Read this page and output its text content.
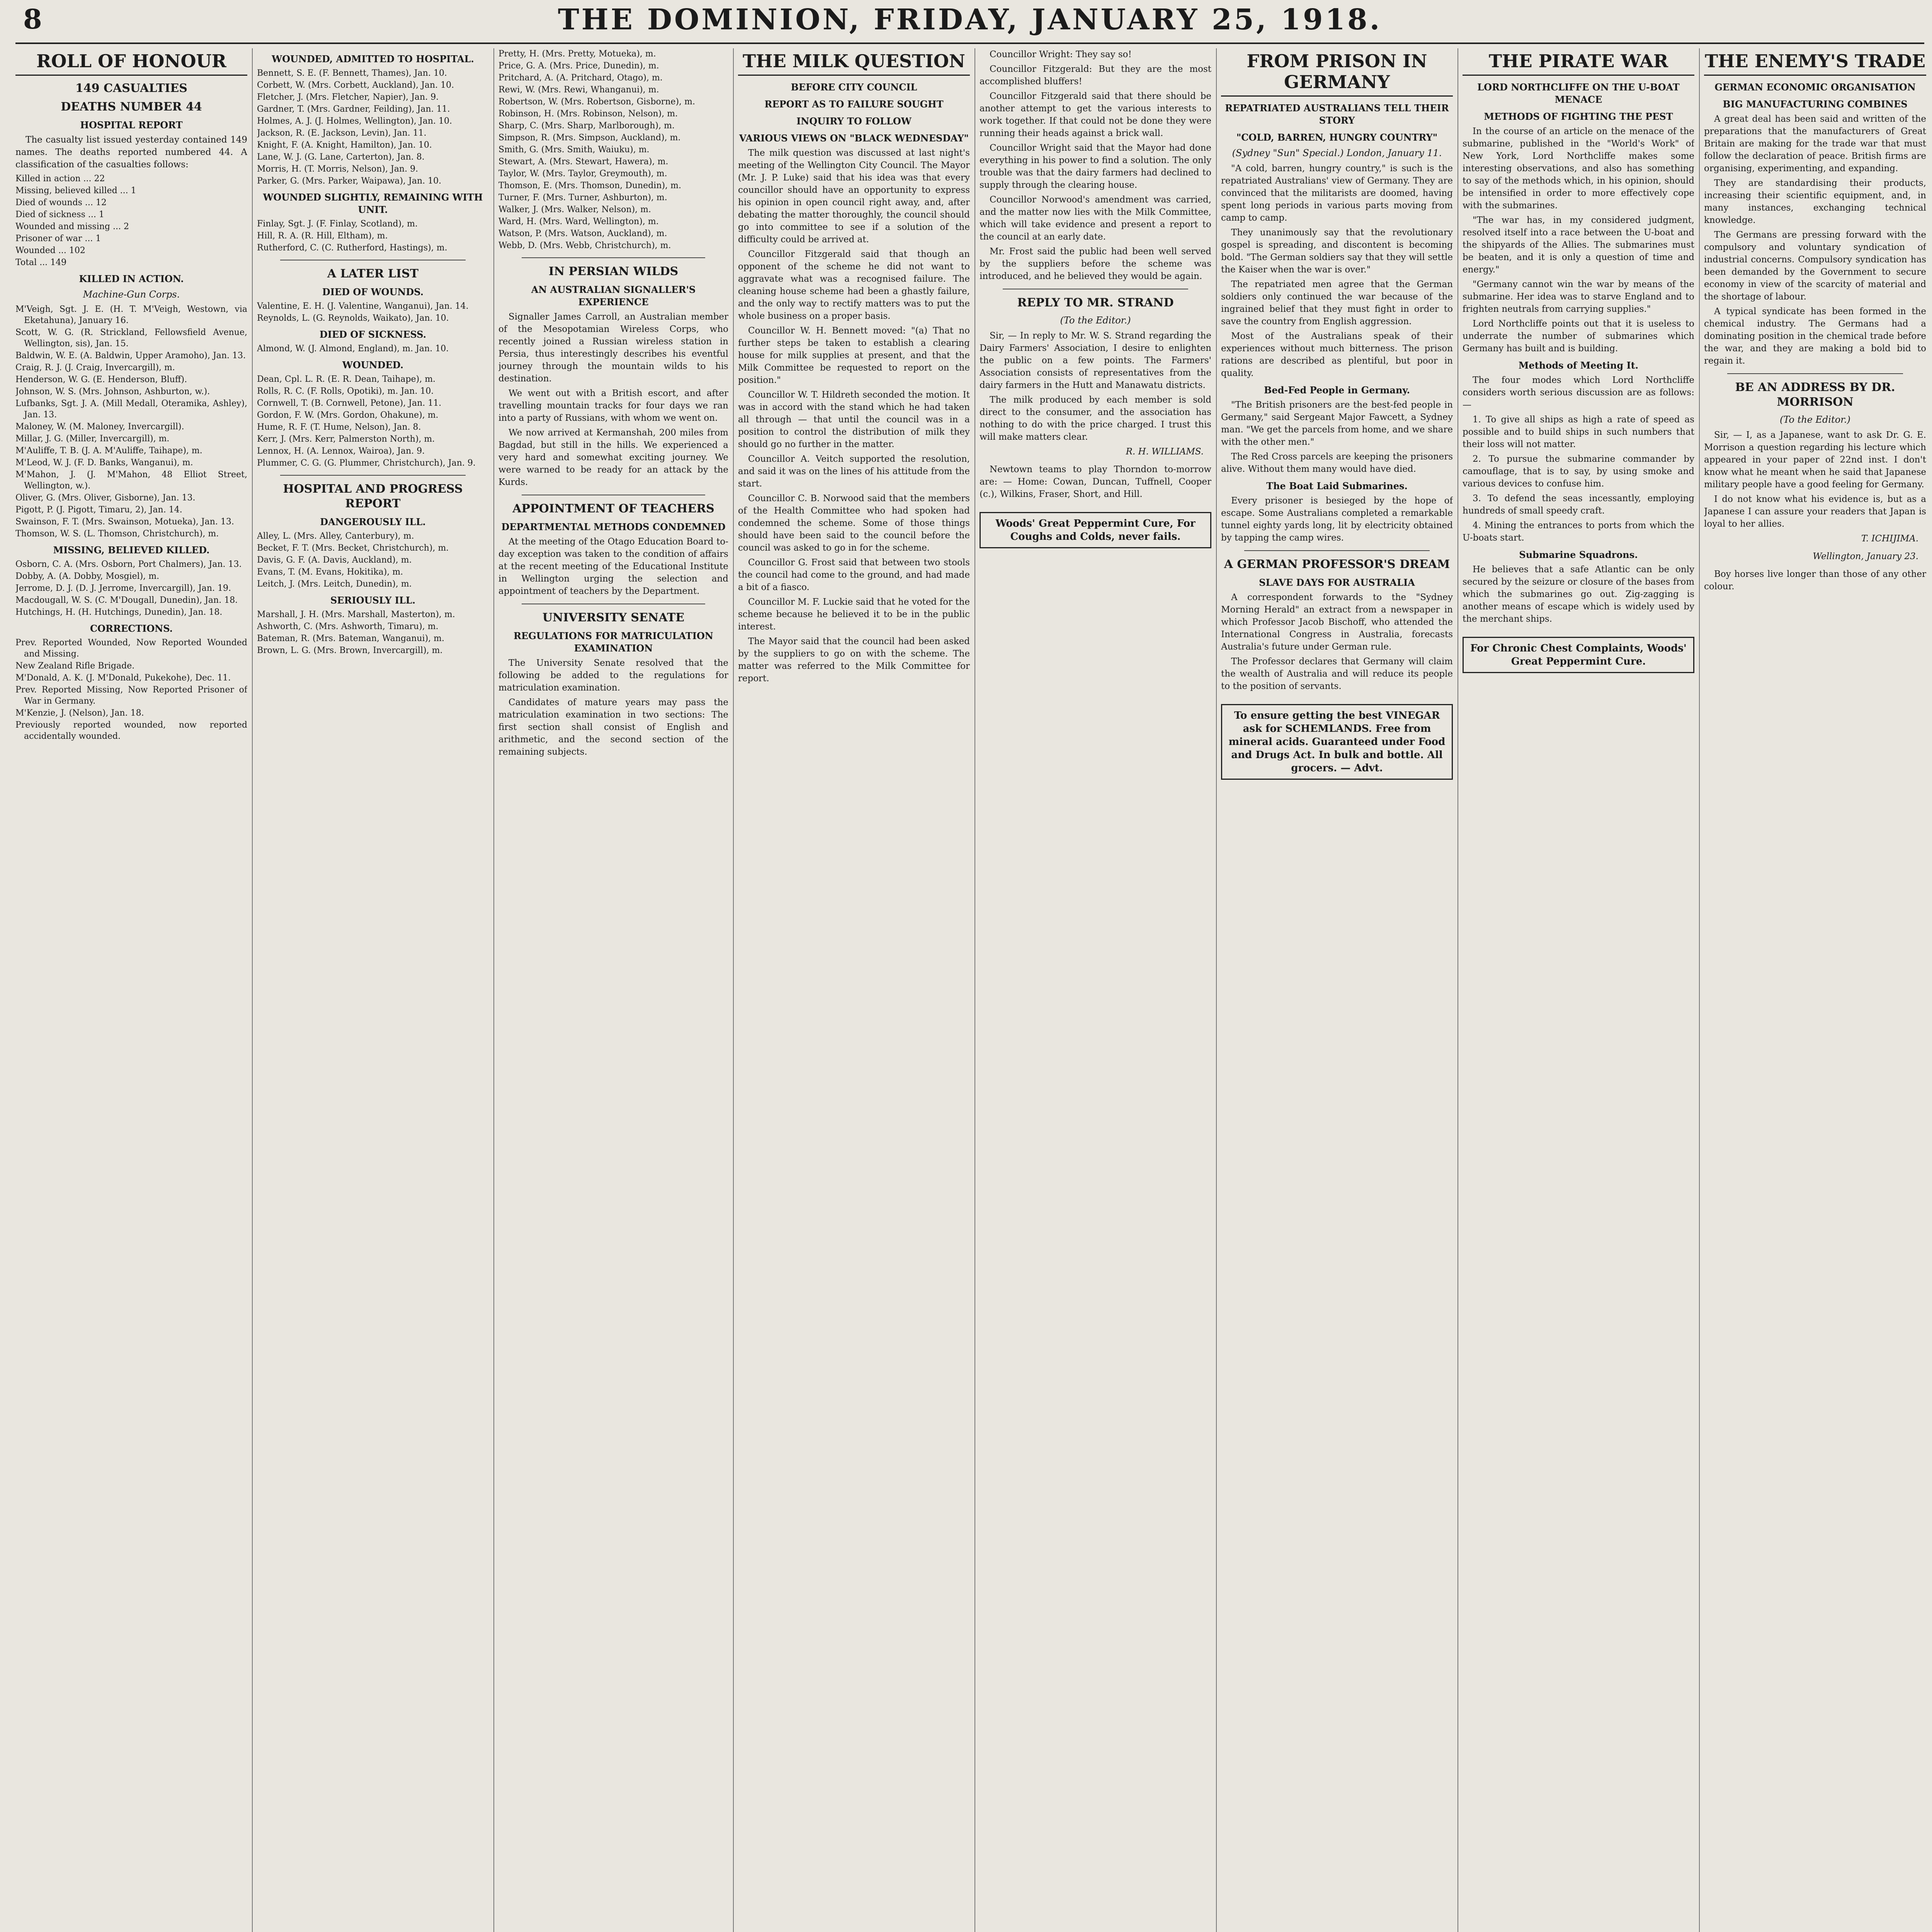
8	THE DOMINION, FRIDAY, JANUARY 25, 1918.
ROLL OF HONOUR
149 CASUALTIES
DEATHS NUMBER 44
HOSPITAL REPORT

The casualty list issued yesterday contained 149 names. The deaths reported numbered 44. A classification of the casualties follows:

Killed in action ... 22

Missing, believed killed ... 1

Died of wounds ... 12

Died of sickness ... 1

Wounded and missing ... 2

Prisoner of war ... 1

Wounded ... 102

Total ... 149

KILLED IN ACTION.
Machine-Gun Corps.

M'Veigh, Sgt. J. E. (H. T. M'Veigh, Westown, via Eketahuna), January 16.

Scott, W. G. (R. Strickland, Fellowsfield Avenue, Wellington, sis), Jan. 15.

Baldwin, W. E. (A. Baldwin, Upper Aramoho), Jan. 13.

Craig, R. J. (J. Craig, Invercargill), m.

Henderson, W. G. (E. Henderson, Bluff).

Johnson, W. S. (Mrs. Johnson, Ashburton, w.).

Lufbanks, Sgt. J. A. (Mill Medall, Oteramika, Ashley), Jan. 13.

Maloney, W. (M. Maloney, Invercargill).

Millar, J. G. (Miller, Invercargill), m.

M'Auliffe, T. B. (J. A. M'Auliffe, Taihape), m.

M'Leod, W. J. (F. D. Banks, Wanganui), m.

M'Mahon, J. (J. M'Mahon, 48 Elliot Street, Wellington, w.).

Oliver, G. (Mrs. Oliver, Gisborne), Jan. 13.

Pigott, P. (J. Pigott, Timaru, 2), Jan. 14.

Swainson, F. T. (Mrs. Swainson, Motueka), Jan. 13.

Thomson, W. S. (L. Thomson, Christchurch), m.

MISSING, BELIEVED KILLED.

Osborn, C. A. (Mrs. Osborn, Port Chalmers), Jan. 13.

Dobby, A. (A. Dobby, Mosgiel), m.

Jerrome, D. J. (D. J. Jerrome, Invercargill), Jan. 19.

Macdougall, W. S. (C. M'Dougall, Dunedin), Jan. 18.

Hutchings, H. (H. Hutchings, Dunedin), Jan. 18.

CORRECTIONS.

Prev. Reported Wounded, Now Reported Wounded and Missing.

New Zealand Rifle Brigade.

M'Donald, A. K. (J. M'Donald, Pukekohe), Dec. 11.

Prev. Reported Missing, Now Reported Prisoner of War in Germany.

M'Kenzie, J. (Nelson), Jan. 18.

Previously reported wounded, now reported accidentally wounded.

WOUNDED, ADMITTED TO HOSPITAL.

Bennett, S. E. (F. Bennett, Thames), Jan. 10.

Corbett, W. (Mrs. Corbett, Auckland), Jan. 10.

Fletcher, J. (Mrs. Fletcher, Napier), Jan. 9.

Gardner, T. (Mrs. Gardner, Feilding), Jan. 11.

Holmes, A. J. (J. Holmes, Wellington), Jan. 10.

Jackson, R. (E. Jackson, Levin), Jan. 11.

Knight, F. (A. Knight, Hamilton), Jan. 10.

Lane, W. J. (G. Lane, Carterton), Jan. 8.

Morris, H. (T. Morris, Nelson), Jan. 9.

Parker, G. (Mrs. Parker, Waipawa), Jan. 10.

WOUNDED SLIGHTLY, REMAINING WITH UNIT.

Finlay, Sgt. J. (F. Finlay, Scotland), m.

Hill, R. A. (R. Hill, Eltham), m.

Rutherford, C. (C. Rutherford, Hastings), m.

A LATER LIST
DIED OF WOUNDS.

Valentine, E. H. (J. Valentine, Wanganui), Jan. 14.

Reynolds, L. (G. Reynolds, Waikato), Jan. 10.

DIED OF SICKNESS.

Almond, W. (J. Almond, England), m. Jan. 10.

WOUNDED.

Dean, Cpl. L. R. (E. R. Dean, Taihape), m.

Rolls, R. C. (F. Rolls, Opotiki), m. Jan. 10.

Cornwell, T. (B. Cornwell, Petone), Jan. 11.

Gordon, F. W. (Mrs. Gordon, Ohakune), m.

Hume, R. F. (T. Hume, Nelson), Jan. 8.

Kerr, J. (Mrs. Kerr, Palmerston North), m.

Lennox, H. (A. Lennox, Wairoa), Jan. 9.

Plummer, C. G. (G. Plummer, Christchurch), Jan. 9.

HOSPITAL AND PROGRESS REPORT
DANGEROUSLY ILL.

Alley, L. (Mrs. Alley, Canterbury), m.

Becket, F. T. (Mrs. Becket, Christchurch), m.

Davis, G. F. (A. Davis, Auckland), m.

Evans, T. (M. Evans, Hokitika), m.

Leitch, J. (Mrs. Leitch, Dunedin), m.

SERIOUSLY ILL.

Marshall, J. H. (Mrs. Marshall, Masterton), m.

Ashworth, C. (Mrs. Ashworth, Timaru), m.

Bateman, R. (Mrs. Bateman, Wanganui), m.

Brown, L. G. (Mrs. Brown, Invercargill), m.

Pretty, H. (Mrs. Pretty, Motueka), m.

Price, G. A. (Mrs. Price, Dunedin), m.

Pritchard, A. (A. Pritchard, Otago), m.

Rewi, W. (Mrs. Rewi, Whanganui), m.

Robertson, W. (Mrs. Robertson, Gisborne), m.

Robinson, H. (Mrs. Robinson, Nelson), m.

Sharp, C. (Mrs. Sharp, Marlborough), m.

Simpson, R. (Mrs. Simpson, Auckland), m.

Smith, G. (Mrs. Smith, Waiuku), m.

Stewart, A. (Mrs. Stewart, Hawera), m.

Taylor, W. (Mrs. Taylor, Greymouth), m.

Thomson, E. (Mrs. Thomson, Dunedin), m.

Turner, F. (Mrs. Turner, Ashburton), m.

Walker, J. (Mrs. Walker, Nelson), m.

Ward, H. (Mrs. Ward, Wellington), m.

Watson, P. (Mrs. Watson, Auckland), m.

Webb, D. (Mrs. Webb, Christchurch), m.

IN PERSIAN WILDS
AN AUSTRALIAN SIGNALLER'S EXPERIENCE

Signaller James Carroll, an Australian member of the Mesopotamian Wireless Corps, who recently joined a Russian wireless station in Persia, thus interestingly describes his eventful journey through the mountain wilds to his destination.

We went out with a British escort, and after travelling mountain tracks for four days we ran into a party of Russians, with whom we went on.

We now arrived at Kermanshah, 200 miles from Bagdad, but still in the hills. We experienced a very hard and somewhat exciting journey. We were warned to be ready for an attack by the Kurds.

APPOINTMENT OF TEACHERS
DEPARTMENTAL METHODS CONDEMNED

At the meeting of the Otago Education Board to-day exception was taken to the condition of affairs at the recent meeting of the Educational Institute in Wellington urging the selection and appointment of teachers by the Department.

UNIVERSITY SENATE
REGULATIONS FOR MATRICULATION EXAMINATION

The University Senate resolved that the following be added to the regulations for matriculation examination.

Candidates of mature years may pass the matriculation examination in two sections: The first section shall consist of English and arithmetic, and the second section of the remaining subjects.

THE MILK QUESTION
BEFORE CITY COUNCIL
REPORT AS TO FAILURE SOUGHT
INQUIRY TO FOLLOW
VARIOUS VIEWS ON "BLACK WEDNESDAY"

The milk question was discussed at last night's meeting of the Wellington City Council. The Mayor (Mr. J. P. Luke) said that his idea was that every councillor should have an opportunity to express his opinion in open council right away, and, after debating the matter thoroughly, the council should go into committee to see if a solution of the difficulty could be arrived at.

Councillor Fitzgerald said that though an opponent of the scheme he did not want to aggravate what was a recognised failure. The cleaning house scheme had been a ghastly failure, and the only way to rectify matters was to put the whole business on a proper basis.

Councillor W. H. Bennett moved: "(a) That no further steps be taken to establish a clearing house for milk supplies at present, and that the Milk Committee be requested to report on the position."

Councillor W. T. Hildreth seconded the motion. It was in accord with the stand which he had taken all through — that until the council was in a position to control the distribution of milk they should go no further in the matter.

Councillor A. Veitch supported the resolution, and said it was on the lines of his attitude from the start.

Councillor C. B. Norwood said that the members of the Health Committee who had spoken had condemned the scheme. Some of those things should have been said to the council before the council was asked to go in for the scheme.

Councillor G. Frost said that between two stools the council had come to the ground, and had made a bit of a fiasco.

Councillor M. F. Luckie said that he voted for the scheme because he believed it to be in the public interest.

The Mayor said that the council had been asked by the suppliers to go on with the scheme. The matter was referred to the Milk Committee for report.

Councillor Wright: They say so!

Councillor Fitzgerald: But they are the most accomplished bluffers!

Councillor Fitzgerald said that there should be another attempt to get the various interests to work together. If that could not be done they were running their heads against a brick wall.

Councillor Wright said that the Mayor had done everything in his power to find a solution. The only trouble was that the dairy farmers had declined to supply through the clearing house.

Councillor Norwood's amendment was carried, and the matter now lies with the Milk Committee, which will take evidence and present a report to the council at an early date.

Mr. Frost said the public had been well served by the suppliers before the scheme was introduced, and he believed they would be again.

REPLY TO MR. STRAND
(To the Editor.)

Sir, — In reply to Mr. W. S. Strand regarding the Dairy Farmers' Association, I desire to enlighten the public on a few points. The Farmers' Association consists of representatives from the dairy farmers in the Hutt and Manawatu districts.

The milk produced by each member is sold direct to the consumer, and the association has nothing to do with the price charged. I trust this will make matters clear.

R. H. WILLIAMS.

Newtown teams to play Thorndon to-morrow are: — Home: Cowan, Duncan, Tuffnell, Cooper (c.), Wilkins, Fraser, Short, and Hill.

Woods' Great Peppermint Cure, For Coughs and Colds, never fails.
FROM PRISON IN GERMANY
REPATRIATED AUSTRALIANS TELL THEIR STORY
"COLD, BARREN, HUNGRY COUNTRY"
(Sydney "Sun" Special.) London, January 11.

"A cold, barren, hungry country," is such is the repatriated Australians' view of Germany. They are convinced that the militarists are doomed, having spent long periods in various parts moving from camp to camp.

They unanimously say that the revolutionary gospel is spreading, and discontent is becoming bold. "The German soldiers say that they will settle the Kaiser when the war is over."

The repatriated men agree that the German soldiers only continued the war because of the ingrained belief that they must fight in order to save the country from English aggression.

Most of the Australians speak of their experiences without much bitterness. The prison rations are described as plentiful, but poor in quality.

Bed-Fed People in Germany.

"The British prisoners are the best-fed people in Germany," said Sergeant Major Fawcett, a Sydney man. "We get the parcels from home, and we share with the other men."

The Red Cross parcels are keeping the prisoners alive. Without them many would have died.

The Boat Laid Submarines.

Every prisoner is besieged by the hope of escape. Some Australians completed a remarkable tunnel eighty yards long, lit by electricity obtained by tapping the camp wires.

A GERMAN PROFESSOR'S DREAM
SLAVE DAYS FOR AUSTRALIA

A correspondent forwards to the "Sydney Morning Herald" an extract from a newspaper in which Professor Jacob Bischoff, who attended the International Congress in Australia, forecasts Australia's future under German rule.

The Professor declares that Germany will claim the wealth of Australia and will reduce its people to the position of servants.

To ensure getting the best VINEGAR ask for SCHEMLANDS. Free from mineral acids. Guaranteed under Food and Drugs Act. In bulk and bottle. All grocers. — Advt.
THE PIRATE WAR
LORD NORTHCLIFFE ON THE U-BOAT MENACE
METHODS OF FIGHTING THE PEST

In the course of an article on the menace of the submarine, published in the "World's Work" of New York, Lord Northcliffe makes some interesting observations, and also has something to say of the methods which, in his opinion, should be intensified in order to more effectively cope with the submarines.

"The war has, in my considered judgment, resolved itself into a race between the U-boat and the shipyards of the Allies. The submarines must be beaten, and it is only a question of time and energy."

"Germany cannot win the war by means of the submarine. Her idea was to starve England and to frighten neutrals from carrying supplies."

Lord Northcliffe points out that it is useless to underrate the number of submarines which Germany has built and is building.

Methods of Meeting It.

The four modes which Lord Northcliffe considers worth serious discussion are as follows: —

1. To give all ships as high a rate of speed as possible and to build ships in such numbers that their loss will not matter.

2. To pursue the submarine commander by camouflage, that is to say, by using smoke and various devices to confuse him.

3. To defend the seas incessantly, employing hundreds of small speedy craft.

4. Mining the entrances to ports from which the U-boats start.

Submarine Squadrons.

He believes that a safe Atlantic can be only secured by the seizure or closure of the bases from which the submarines go out. Zig-zagging is another means of escape which is widely used by the merchant ships.

For Chronic Chest Complaints, Woods' Great Peppermint Cure.
THE ENEMY'S TRADE
GERMAN ECONOMIC ORGANISATION
BIG MANUFACTURING COMBINES

A great deal has been said and written of the preparations that the manufacturers of Great Britain are making for the trade war that must follow the declaration of peace. British firms are organising, experimenting, and expanding.

They are standardising their products, increasing their scientific equipment, and, in many instances, exchanging technical knowledge.

The Germans are pressing forward with the compulsory and voluntary syndication of industrial concerns. Compulsory syndication has been demanded by the Government to secure economy in view of the scarcity of material and the shortage of labour.

A typical syndicate has been formed in the chemical industry. The Germans had a dominating position in the chemical trade before the war, and they are making a bold bid to regain it.

BE AN ADDRESS BY DR. MORRISON
(To the Editor.)

Sir, — I, as a Japanese, want to ask Dr. G. E. Morrison a question regarding his lecture which appeared in your paper of 22nd inst. I don't know what he meant when he said that Japanese military people have a good feeling for Germany.

I do not know what his evidence is, but as a Japanese I can assure your readers that Japan is loyal to her allies.

T. ICHIJIMA.
Wellington, January 23.

Boy horses live longer than those of any other colour.
